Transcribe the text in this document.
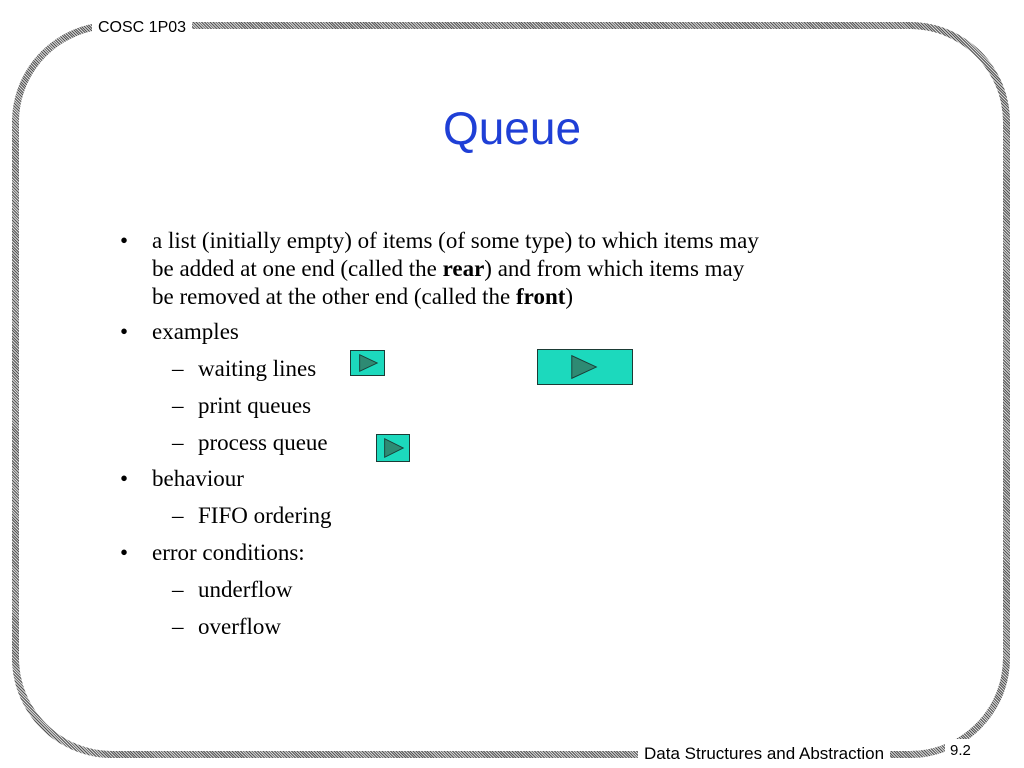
COSC 1P03
Data Structures and Abstraction	9.2
Queue
• a list (initially empty) of items (of some type) to which items may
be added at one end (called the rear) and from which items may
be removed at the other end (called the front)
• examples
– waiting lines
– print queues
– process queue
• behaviour
– FIFO ordering
• error conditions:
– underflow
– overflow
